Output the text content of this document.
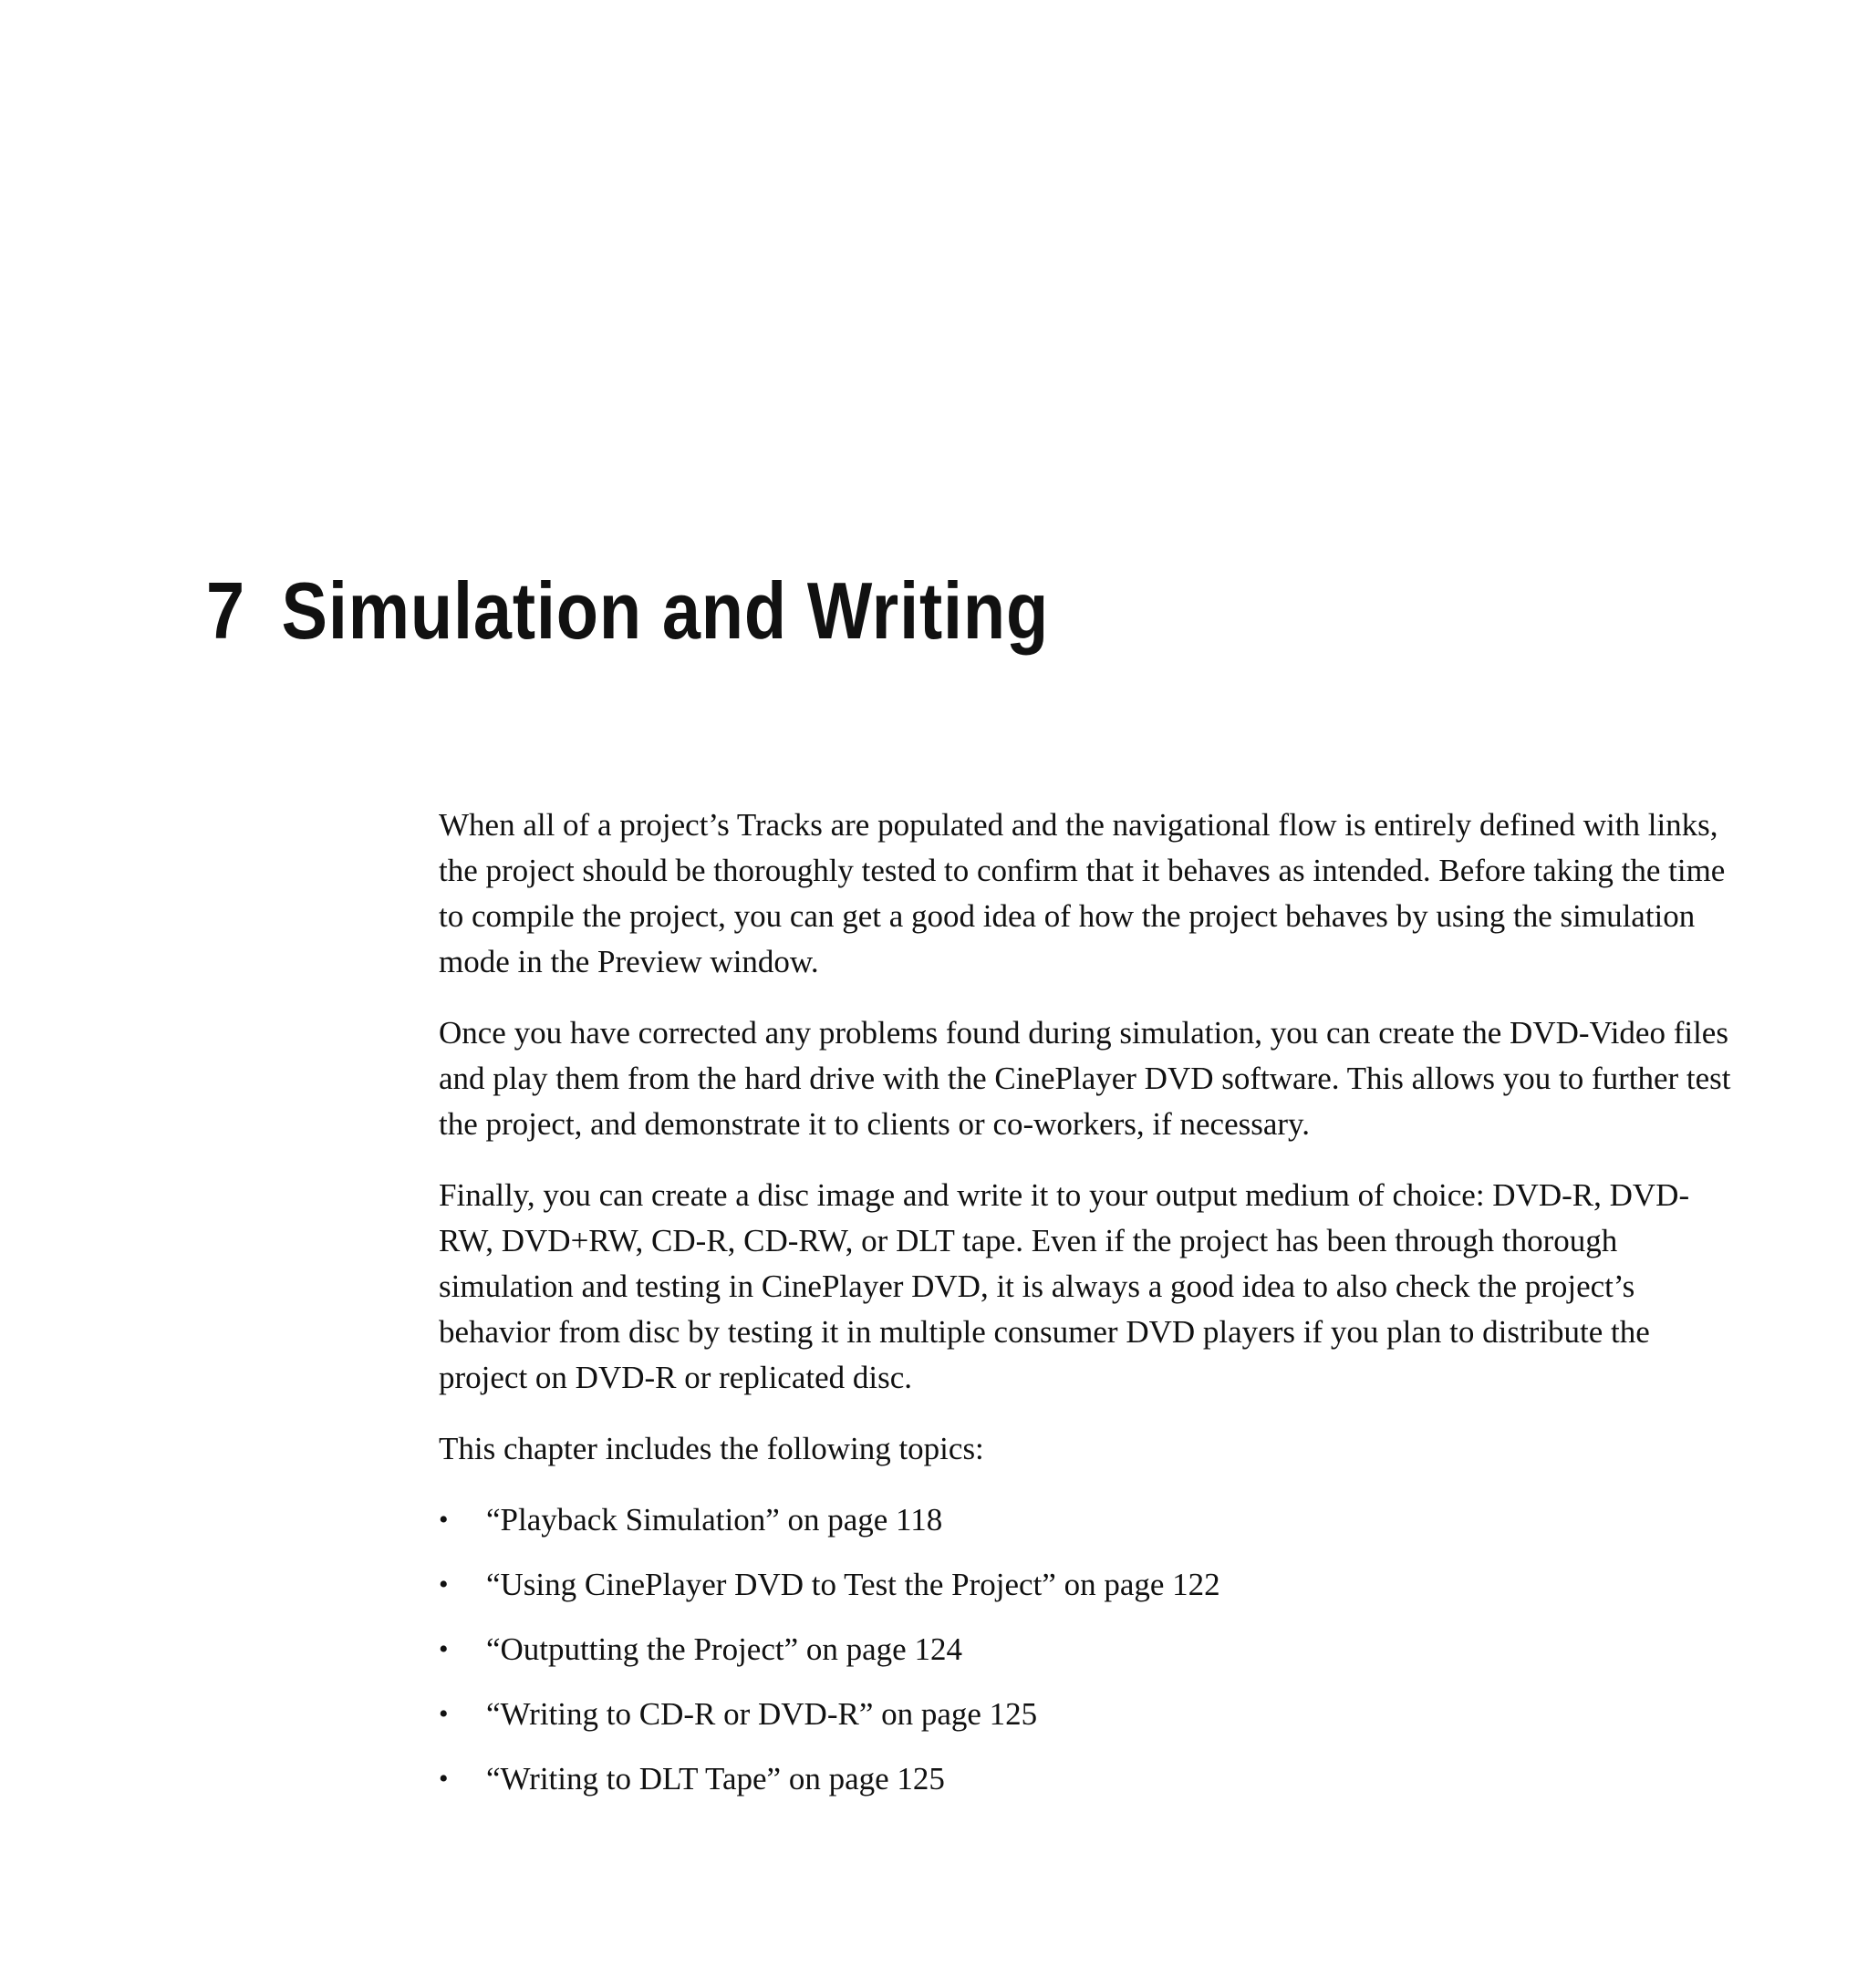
7 Simulation and Writing

When all of a project’s Tracks are populated and the navigational flow is entirely defined with links, the project should be thoroughly tested to confirm that it behaves as intended. Before taking the time to compile the project, you can get a good idea of how the project behaves by using the simulation mode in the Preview window.

Once you have corrected any problems found during simulation, you can create the DVD-Video files and play them from the hard drive with the CinePlayer DVD software. This allows you to further test the project, and demonstrate it to clients or co-workers, if necessary.

Finally, you can create a disc image and write it to your output medium of choice: DVD-R, DVD-RW, DVD+RW, CD-R, CD-RW, or DLT tape. Even if the project has been through thorough simulation and testing in CinePlayer DVD, it is always a good idea to also check the project’s behavior from disc by testing it in multiple consumer DVD players if you plan to distribute the project on DVD-R or replicated disc.

This chapter includes the following topics:

• “Playback Simulation” on page 118
• “Using CinePlayer DVD to Test the Project” on page 122
• “Outputting the Project” on page 124
• “Writing to CD-R or DVD-R” on page 125
• “Writing to DLT Tape” on page 125
